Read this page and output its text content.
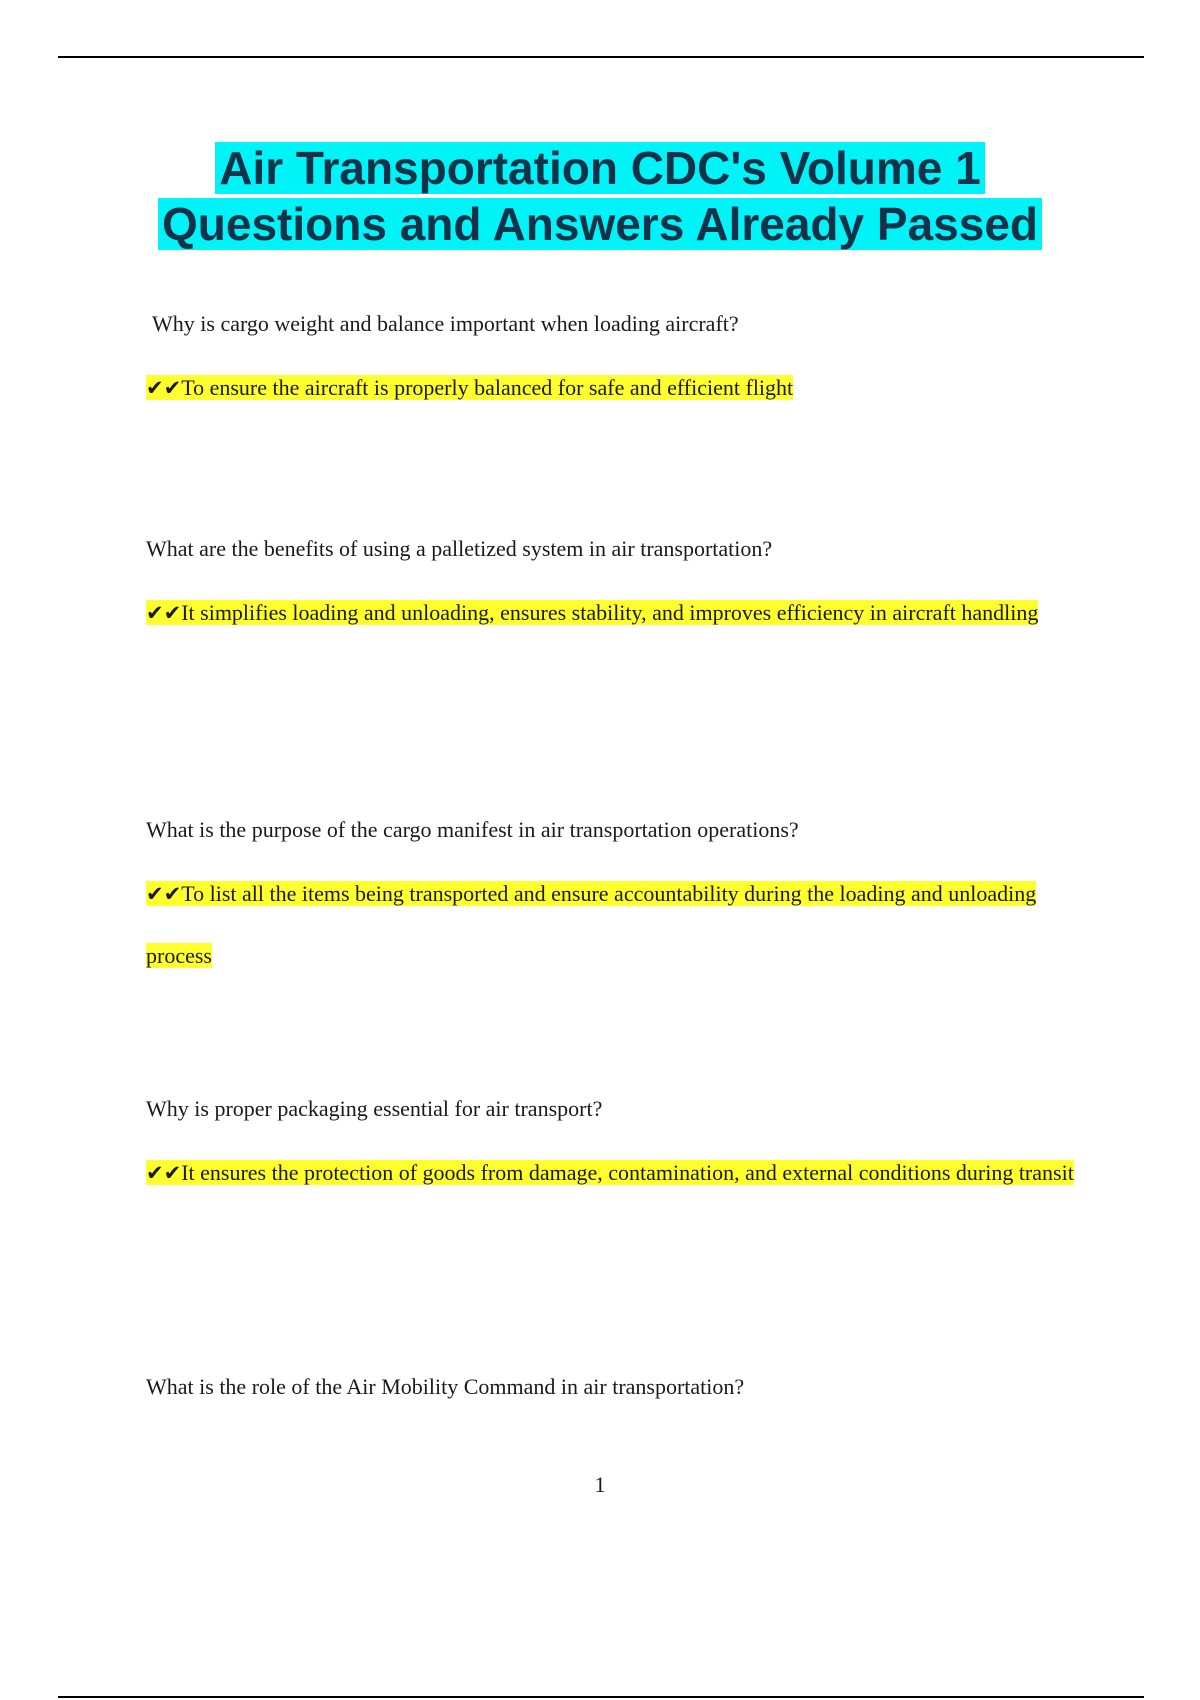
Air Transportation CDC's Volume 1
Questions and Answers Already Passed

Why is cargo weight and balance important when loading aircraft?

✔✔To ensure the aircraft is properly balanced for safe and efficient flight

What are the benefits of using a palletized system in air transportation?

✔✔It simplifies loading and unloading, ensures stability, and improves efficiency in aircraft handling

What is the purpose of the cargo manifest in air transportation operations?

✔✔To list all the items being transported and ensure accountability during the loading and unloading process

Why is proper packaging essential for air transport?

✔✔It ensures the protection of goods from damage, contamination, and external conditions during transit

What is the role of the Air Mobility Command in air transportation?

1
